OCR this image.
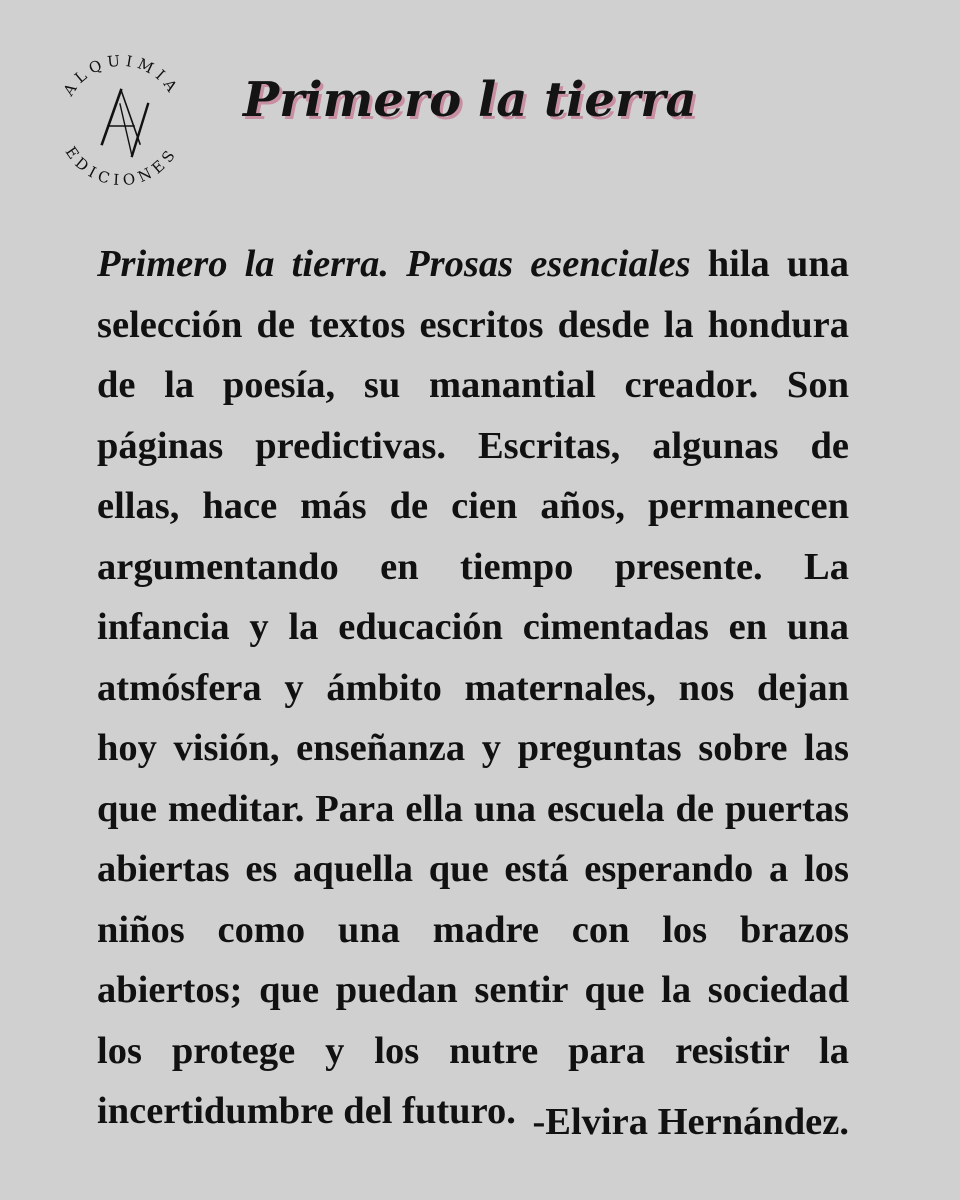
ALQUIMIA
EDICIONES
Primero la tierra
Primero la tierra. Prosas esenciales hila una selección de textos escritos desde la hondura de la poesía, su manantial creador. Son páginas predictivas. Escritas, algunas de ellas, hace más de cien años, permanecen argumentando en tiempo presente. La infancia y la educación cimentadas en una atmósfera y ámbito maternales, nos dejan hoy visión, enseñanza y preguntas sobre las que meditar. Para ella una escuela de puertas abiertas es aquella que está esperando a los niños como una madre con los brazos abiertos; que puedan sentir que la sociedad los protege y los nutre para resistir la incertidumbre del futuro. -Elvira Hernández.
